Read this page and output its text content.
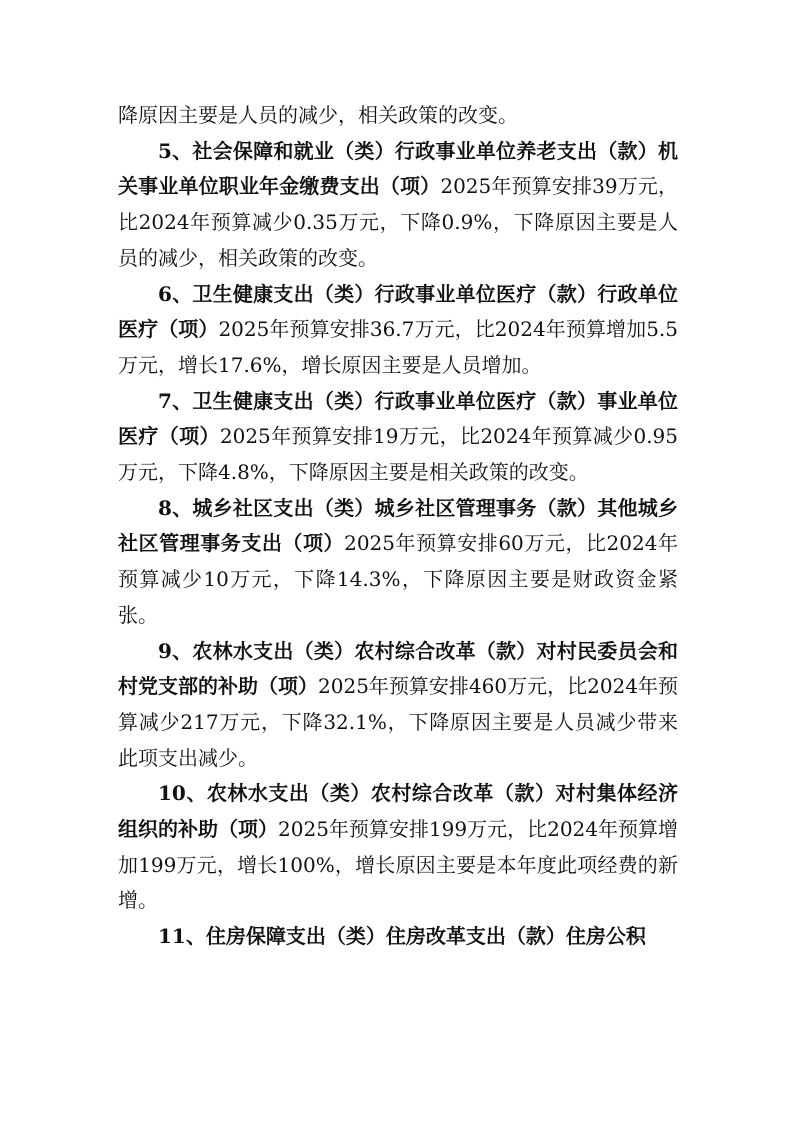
降原因主要是人员的减少，相关政策的改变。

5、社会保障和就业（类）行政事业单位养老支出（款）机关事业单位职业年金缴费支出（项）2025年预算安排39万元，比2024年预算减少0.35万元，下降0.9%，下降原因主要是人员的减少，相关政策的改变。

6、卫生健康支出（类）行政事业单位医疗（款）行政单位医疗（项）2025年预算安排36.7万元，比2024年预算增加5.5万元，增长17.6%，增长原因主要是人员增加。

7、卫生健康支出（类）行政事业单位医疗（款）事业单位医疗（项）2025年预算安排19万元，比2024年预算减少0.95万元，下降4.8%，下降原因主要是相关政策的改变。

8、城乡社区支出（类）城乡社区管理事务（款）其他城乡社区管理事务支出（项）2025年预算安排60万元，比2024年预算减少10万元，下降14.3%，下降原因主要是财政资金紧张。

9、农林水支出（类）农村综合改革（款）对村民委员会和村党支部的补助（项）2025年预算安排460万元，比2024年预算减少217万元，下降32.1%，下降原因主要是人员减少带来此项支出减少。

10、农林水支出（类）农村综合改革（款）对村集体经济组织的补助（项）2025年预算安排199万元，比2024年预算增加199万元，增长100%，增长原因主要是本年度此项经费的新增。

11、住房保障支出（类）住房改革支出（款）住房公积
